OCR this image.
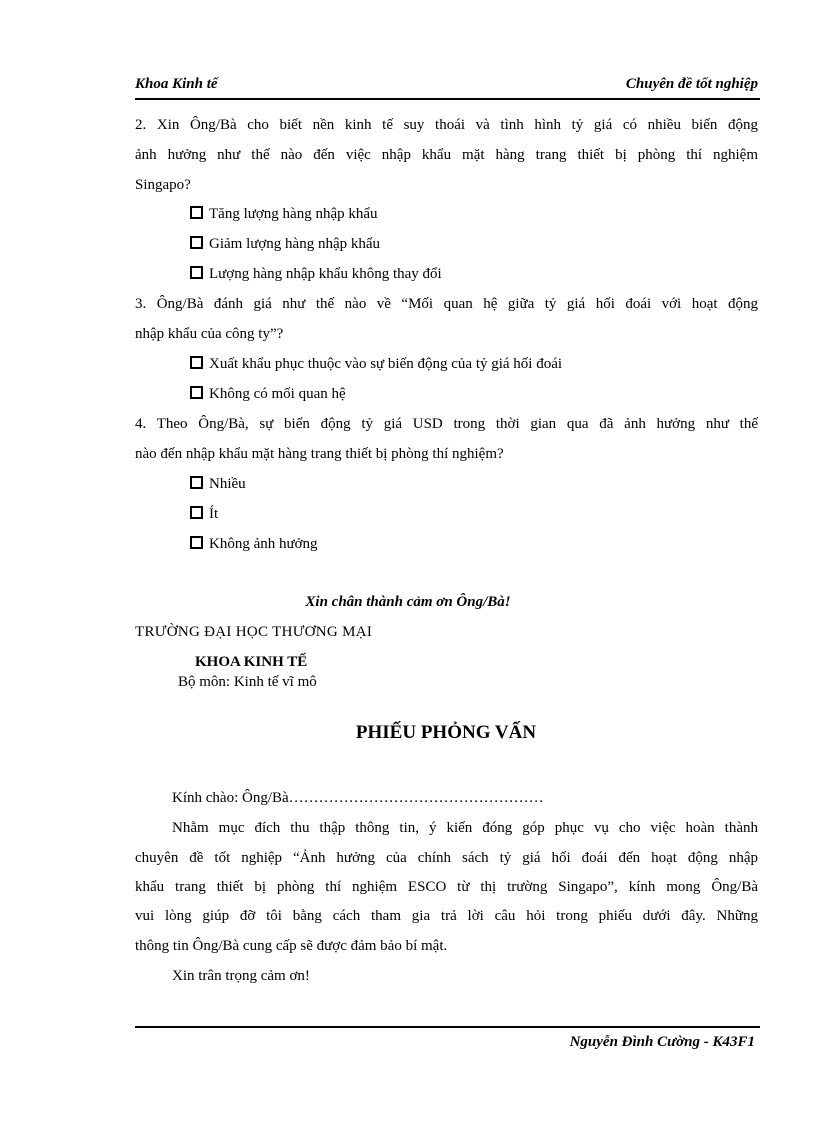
Khoa Kinh tế	Chuyên đề tốt nghiệp
2. Xin Ông/Bà cho biết nền kinh tế suy thoái và tình hình tỷ giá có nhiều biến động
ảnh hưởng như thế nào đến việc nhập khẩu mặt hàng trang thiết bị phòng thí nghiệm
Singapo?
Tăng lượng hàng nhập khẩu
Giảm lượng hàng nhập khẩu
Lượng hàng nhập khẩu không thay đổi
3. Ông/Bà đánh giá như thế nào về “Mối quan hệ giữa tỷ giá hối đoái với hoạt động
nhập khẩu của công ty”?
Xuất khẩu phục thuộc vào sự biến động của tỷ giá hối đoái
Không có mối quan hệ
4. Theo Ông/Bà, sự biến động tỷ giá USD trong thời gian qua đã ảnh hưởng như thế
nào đến nhập khẩu mặt hàng trang thiết bị phòng thí nghiệm?
Nhiều
Ít
Không ảnh hưởng
Xin chân thành cảm ơn Ông/Bà!
TRƯỜNG ĐẠI HỌC THƯƠNG MẠI
KHOA KINH TẾ
Bộ môn: Kinh tế vĩ mô
PHIẾU PHỎNG VẤN
Kính chào: Ông/Bà……………………………………………
Nhằm mục đích thu thập thông tin, ý kiến đóng góp phục vụ cho việc hoàn thành
chuyên đề tốt nghiệp “Ảnh hưởng của chính sách tỷ giá hối đoái đến hoạt động nhập
khẩu trang thiết bị phòng thí nghiệm ESCO từ thị trường Singapo”, kính mong Ông/Bà
vui lòng giúp đỡ tôi bằng cách tham gia trả lời câu hỏi trong phiếu dưới đây. Những
thông tin Ông/Bà cung cấp sẽ được đảm bảo bí mật.
Xin trân trọng cảm ơn!
Nguyễn Đình Cường - K43F1
